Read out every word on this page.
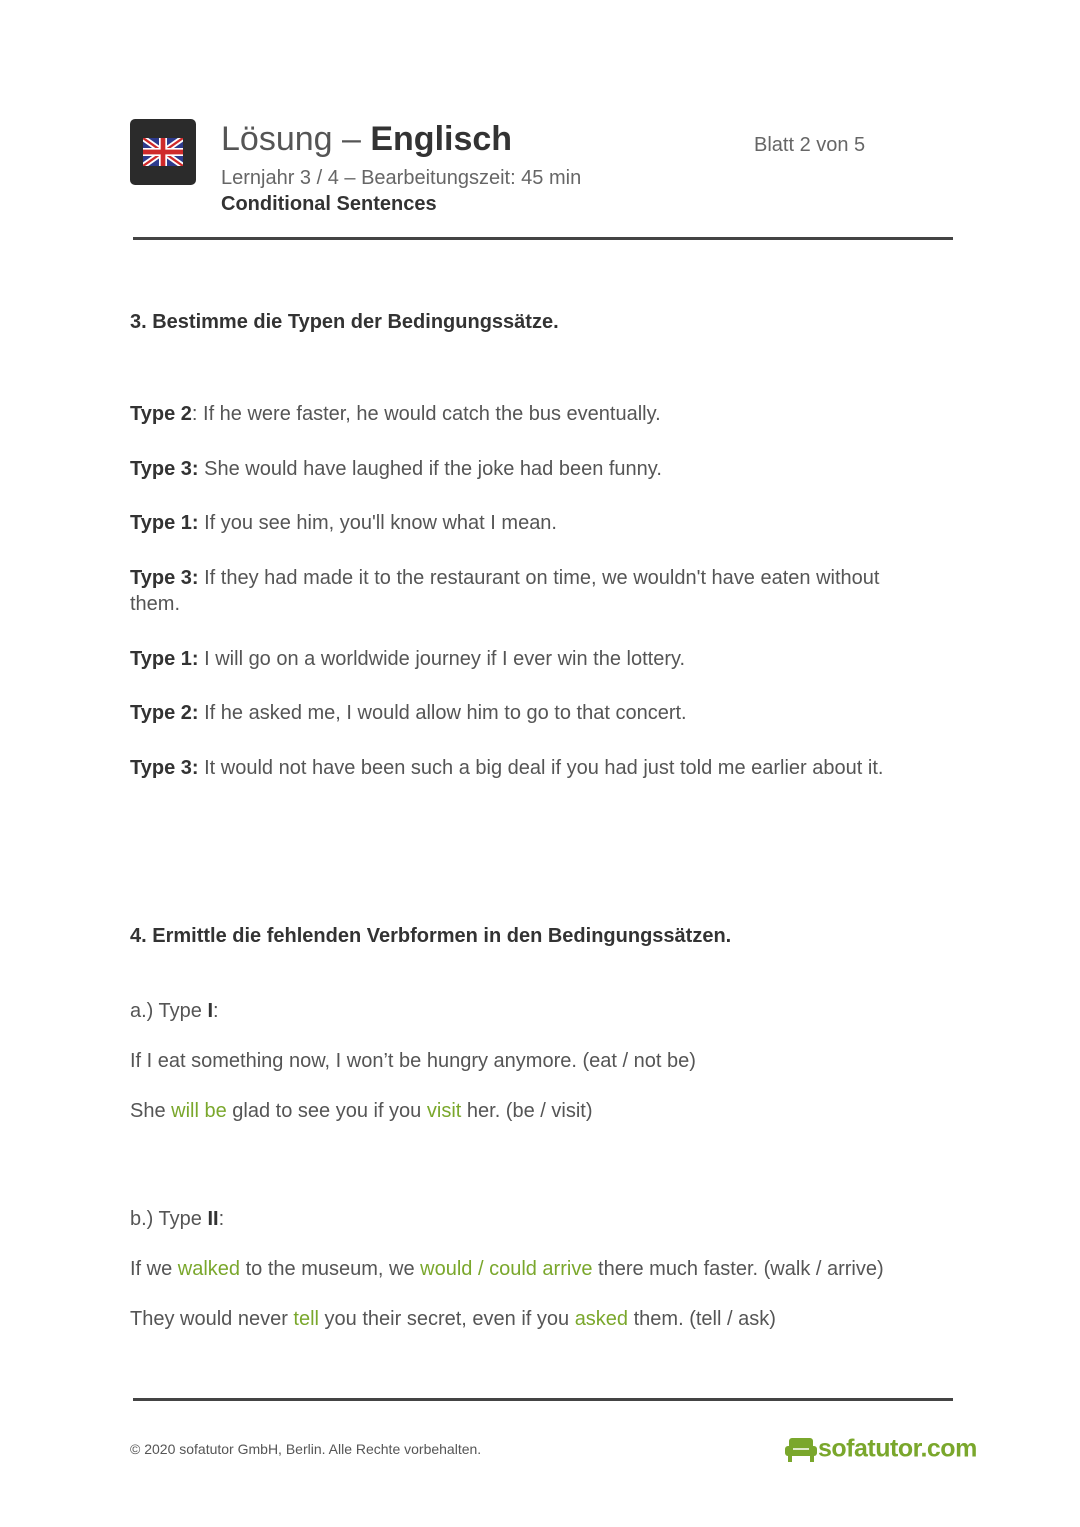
Lösung – Englisch
Lernjahr 3 / 4 – Bearbeitungszeit: 45 min
Conditional Sentences
Blatt 2 von 5
3. Bestimme die Typen der Bedingungssätze.
Type 2: If he were faster, he would catch the bus eventually.
Type 3: She would have laughed if the joke had been funny.
Type 1: If you see him, you'll know what I mean.
Type 3: If they had made it to the restaurant on time, we wouldn't have eaten without them.
Type 1: I will go on a worldwide journey if I ever win the lottery.
Type 2: If he asked me, I would allow him to go to that concert.
Type 3: It would not have been such a big deal if you had just told me earlier about it.
4. Ermittle die fehlenden Verbformen in den Bedingungssätzen.
a.) Type I:
If I eat something now, I won’t be hungry anymore. (eat / not be)
She will be glad to see you if you visit her. (be / visit)
b.) Type II:
If we walked to the museum, we would / could arrive there much faster. (walk / arrive)
They would never tell you their secret, even if you asked them. (tell / ask)
© 2020 sofatutor GmbH, Berlin. Alle Rechte vorbehalten.	sofatutor.com
